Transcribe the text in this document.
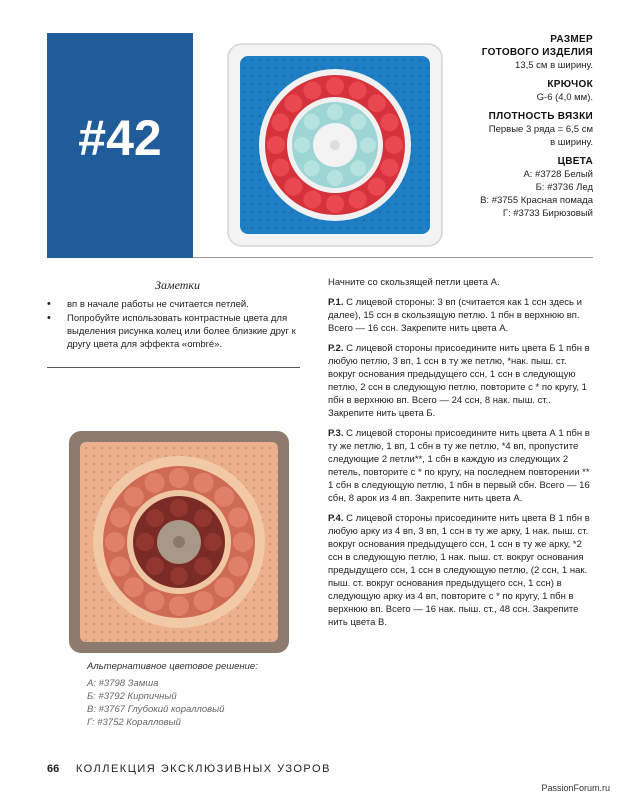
#42
РАЗМЕР
ГОТОВОГО ИЗДЕЛИЯ
13,5 см в ширину.
КРЮЧОК
G-6 (4,0 мм).
ПЛОТНОСТЬ ВЯЗКИ
Первые 3 ряда = 6,5 см
в ширину.
ЦВЕТА
А: #3728 Белый
Б: #3736 Лед
В: #3755 Красная помада
Г: #3733 Бирюзовый
Заметки
• вп в начале работы не считается петлей.
• Попробуйте использовать контрастные цвета для выделения рисунка колец или более близкие друг к другу цвета для эффекта «ombré».
Альтернативное цветовое решение:
А: #3798 Замша
Б: #3792 Кирпичный
В: #3767 Глубокий коралловый
Г: #3752 Коралловый

Начните со скользящей петли цвета А.

Р.1. С лицевой стороны: 3 вп (считается как 1 ссн здесь и далее), 15 ссн в скользящую петлю. 1 пбн в верхнюю вп. Всего — 16 ссн. Закрепите нить цвета А.

Р.2. С лицевой стороны присоедините нить цвета Б 1 пбн в любую петлю, 3 вп, 1 ссн в ту же петлю, *нак. пыш. ст. вокруг основания предыдущего ссн, 1 ссн в следующую петлю, 2 ссн в следующую петлю, повторите с * по кругу, 1 пбн в верхнюю вп. Всего — 24 ссн, 8 нак. пыш. ст.. Закрепите нить цвета Б.

Р.3. С лицевой стороны присоедините нить цвета А 1 пбн в ту же петлю, 1 вп, 1 сбн в ту же петлю, *4 вп, пропустите следующие 2 петли**, 1 сбн в каждую из следующих 2 петель, повторите с * по кругу, на последнем повторении ** 1 сбн в следующую петлю, 1 пбн в первый сбн. Всего — 16 сбн, 8 арок из 4 вп. Закрепите нить цвета А.

Р.4. С лицевой стороны присоедините нить цвета В 1 пбн в любую арку из 4 вп, 3 вп, 1 ссн в ту же арку, 1 нак. пыш. ст. вокруг основания предыдущего ссн, 1 ссн в ту же арку, *2 ссн в следующую петлю, 1 нак. пыш. ст. вокруг основания предыдущего ссн, 1 ссн в следующую петлю, (2 ссн, 1 нак. пыш. ст. вокруг основания предыдущего ссн, 1 ссн) в следующую арку из 4 вп, повторите с * по кругу, 1 пбн в верхнюю вп. Всего — 16 нак. пыш. ст., 48 ссн. Закрепите нить цвета В.

66 КОЛЛЕКЦИЯ ЭКСКЛЮЗИВНЫХ УЗОРОВ
PassionForum.ru
